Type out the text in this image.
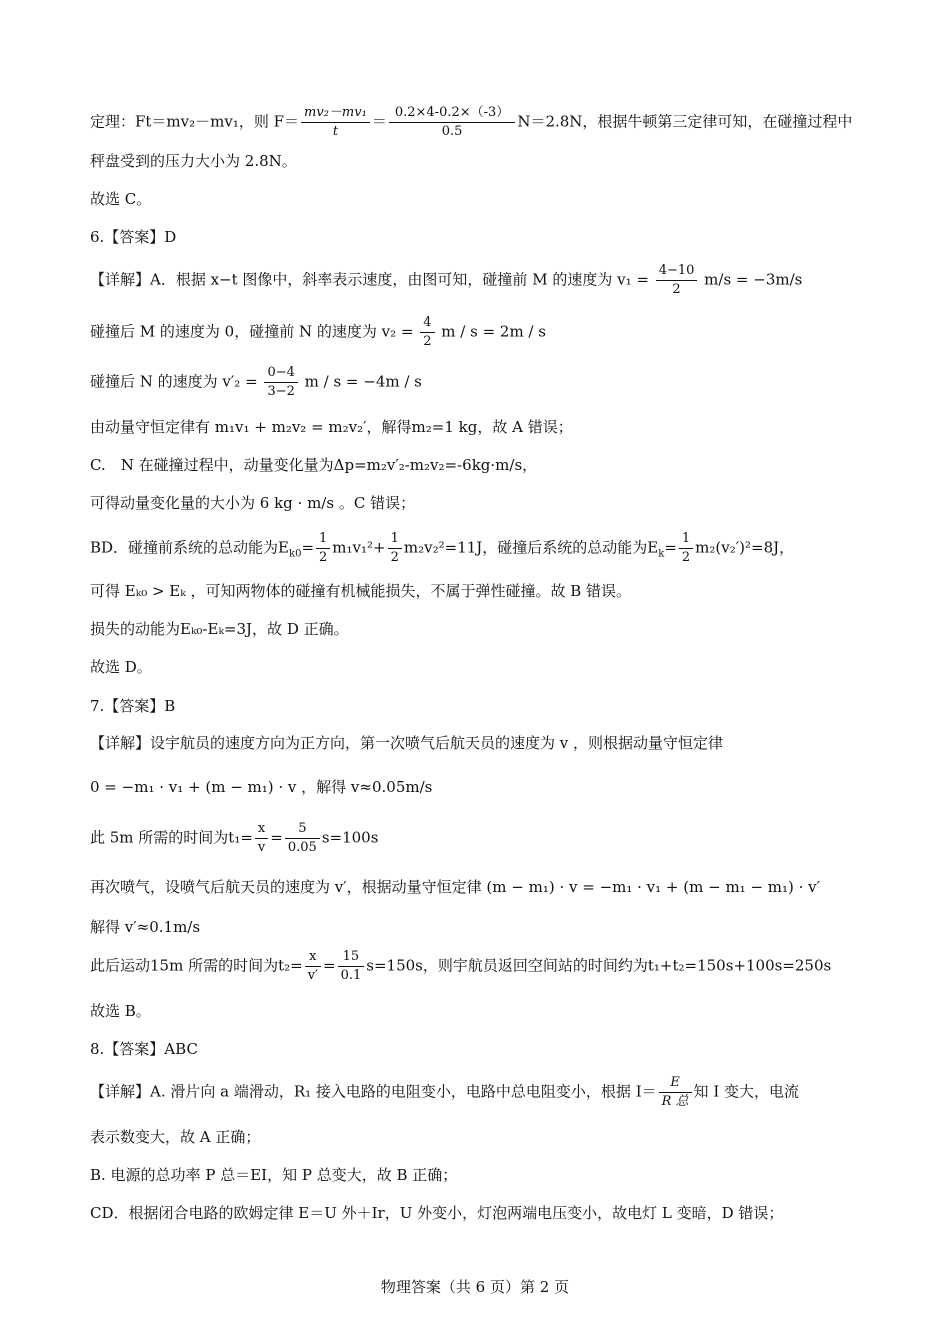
定理：Ft＝mv₂－mv₁，则 $F= \frac{\text{mv₂－mv₁}}{t} = \frac{0.2\times 4-0.2\times(-3)}{0.5} N=2.8N$，根据牛顿第三定律可知，在碰撞过程中
秤盘受到的压力大小为 2.8N。
故选 C。
6.【答案】D
【详解】A．根据 x−t 图像中，斜率表示速度，由图可知，碰撞前 M 的速度为 $v_1 = \frac{4-10}{2} m/s = -3m/s$
碰撞后 M 的速度为 0，碰撞前 N 的速度为 $v_2 = \frac{4}{2}$ m / s = 2m / s
碰撞后 N 的速度为 $v'_2 = \frac{0-4}{3-2}$ m / s = −4m / s
由动量守恒定律有 m₁v₁ + m₂v₂ = m₂v₂′，解得m₂=1 kg，故 A 错误；
C.　N 在碰撞过程中，动量变化量为Δp=m₂v′₂-m₂v₂=-6kg·m/s，
可得动量变化量的大小为 6 kg · m/s 。C 错误；
BD．碰撞前系统的总动能为$E_{k0}= \frac{1}{2} m_1v_1^2+ \frac{1}{2} m_2v_2^2=11J$，碰撞后系统的总动能为$E_k= \frac{1}{2} m_2(v_2')^2=8J$，
可得 Eₖ₀ > Eₖ ，可知两物体的碰撞有机械能损失，不属于弹性碰撞。故 B 错误。
损失的动能为Eₖ₀-Eₖ=3J，故 D 正确。
故选 D。
7.【答案】B
【详解】设宇航员的速度方向为正方向，第一次喷气后航天员的速度为 v ，则根据动量守恒定律
0 = −m₁ · v₁ + (m − m₁) · v ，解得 v≈0.05m/s
此 5m 所需的时间为$t_1= \frac{x}{v} = \frac{5}{0.05} s=100s$
再次喷气，设喷气后航天员的速度为 v′，根据动量守恒定律 (m − m₁) · v = −m₁ · v₁ + (m − m₁ − m₁) · v′
解得 v′≈0.1m/s
此后运动15m 所需的时间为$t_2= \frac{x}{v'} = \frac{15}{0.1} s=150s$，则宇航员返回空间站的时间约为t₁+t₂=150s+100s=250s
故选 B。
8.【答案】ABC
【详解】A. 滑片向 a 端滑动，R₁ 接入电路的电阻变小，电路中总电阻变小，根据 $I= \frac{E}{\text{R 总}}$ 知 I 变大，电流
表示数变大，故 A 正确；
B. 电源的总功率 P 总＝EI，知 P 总变大，故 B 正确；
CD．根据闭合电路的欧姆定律 E＝U 外＋Ir，U 外变小，灯泡两端电压变小，故电灯 L 变暗，D 错误；
物理答案（共 6 页）第 2 页
